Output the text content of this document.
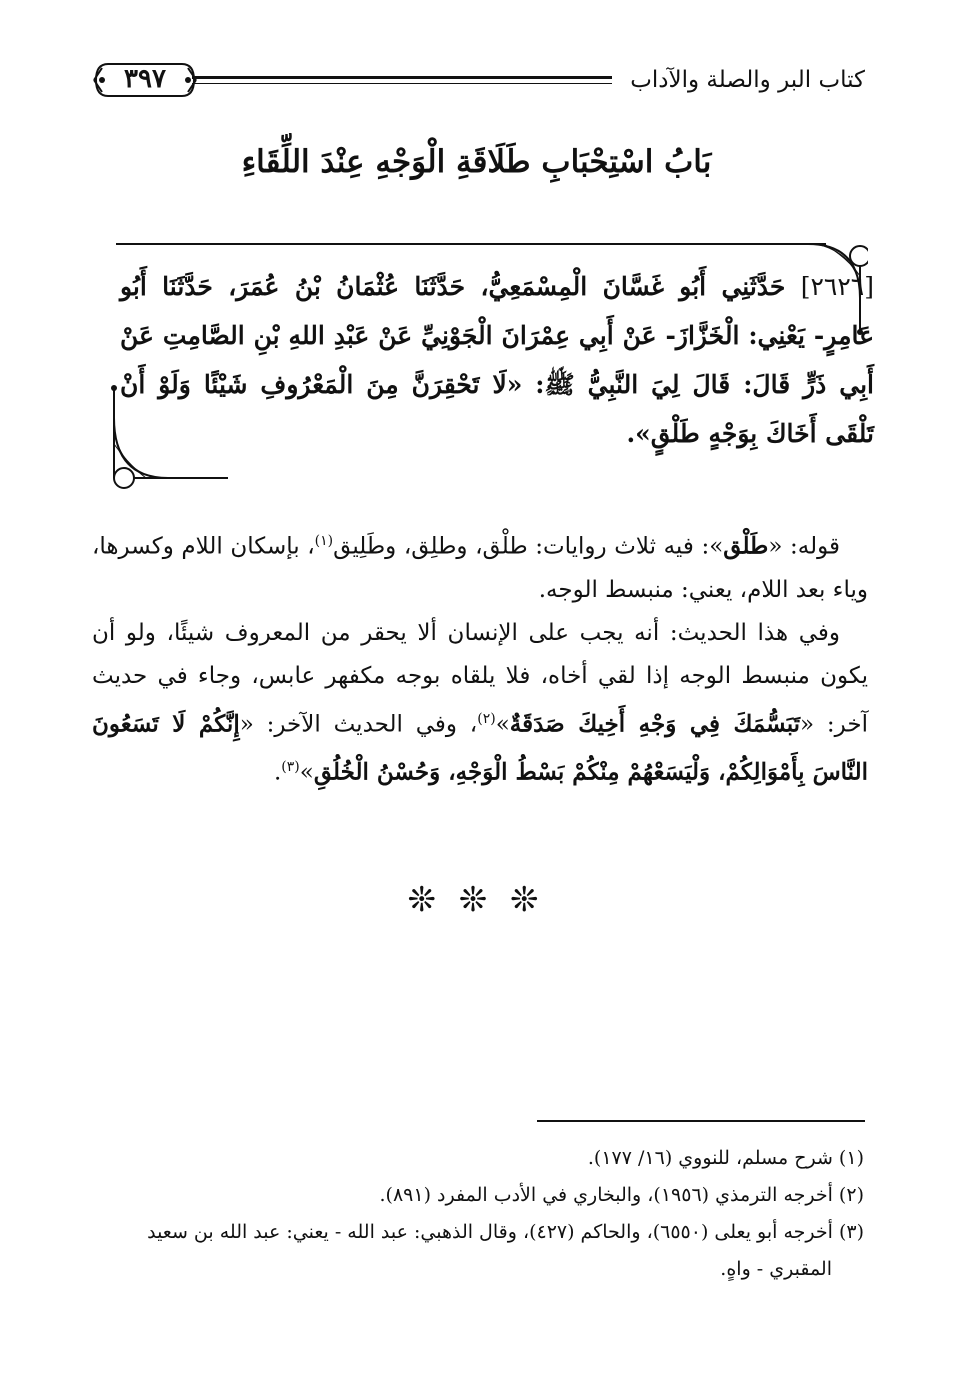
٣٩٧	كتاب البر والصلة والآداب
بَابُ اسْتِحْبَابِ طَلَاقَةِ الْوَجْهِ عِنْدَ اللِّقَاءِ
[٢٦٢٦] حَدَّثَنِي أَبُو غَسَّانَ الْمِسْمَعِيُّ، حَدَّثَنَا عُثْمَانُ بْنُ عُمَرَ، حَدَّثَنَا أَبُو عَامِرٍ- يَعْنِي: الْخَزَّازَ- عَنْ أَبِي عِمْرَانَ الْجَوْنِيِّ عَنْ عَبْدِ اللهِ بْنِ الصَّامِتِ عَنْ أَبِي ذَرٍّ قَالَ: قَالَ لِيَ النَّبِيُّ ﷺ: «لَا تَحْقِرَنَّ مِنَ الْمَعْرُوفِ شَيْئًا وَلَوْ أَنْ تَلْقَى أَخَاكَ بِوَجْهٍ طَلْقٍ».

قوله: «طَلْق»: فيه ثلاث روايات: طلْق، وطلِق، وطَلِيق$^{(١)}$، بإسكان اللام وكسرها، وياء بعد اللام، يعني: منبسط الوجه.

وفي هذا الحديث: أنه يجب على الإنسان ألا يحقر من المعروف شيئًا، ولو أن يكون منبسط الوجه إذا لقي أخاه، فلا يلقاه بوجه مكفهر عابس، وجاء في حديث آخر: «تَبَسُّمَكَ فِي وَجْهِ أَخِيكَ صَدَقَةٌ»$^{(٢)}$، وفي الحديث الآخر: «إِنَّكُمْ لَا تَسَعُونَ النَّاسَ بِأَمْوَالِكُمْ، وَلْيَسَعْهُمْ مِنْكُمْ بَسْطُ الْوَجْهِ، وَحُسْنُ الْخُلُقِ»$^{(٣)}$.

❊ ❊ ❊

(١) شرح مسلم، للنووي (١٦/ ١٧٧).

(٢) أخرجه الترمذي (١٩٥٦)، والبخاري في الأدب المفرد (٨٩١).

(٣) أخرجه أبو يعلى (٦٥٥٠)، والحاكم (٤٢٧)، وقال الذهبي: عبد الله - يعني: عبد الله بن سعيد

المقبري - واهٍ.
